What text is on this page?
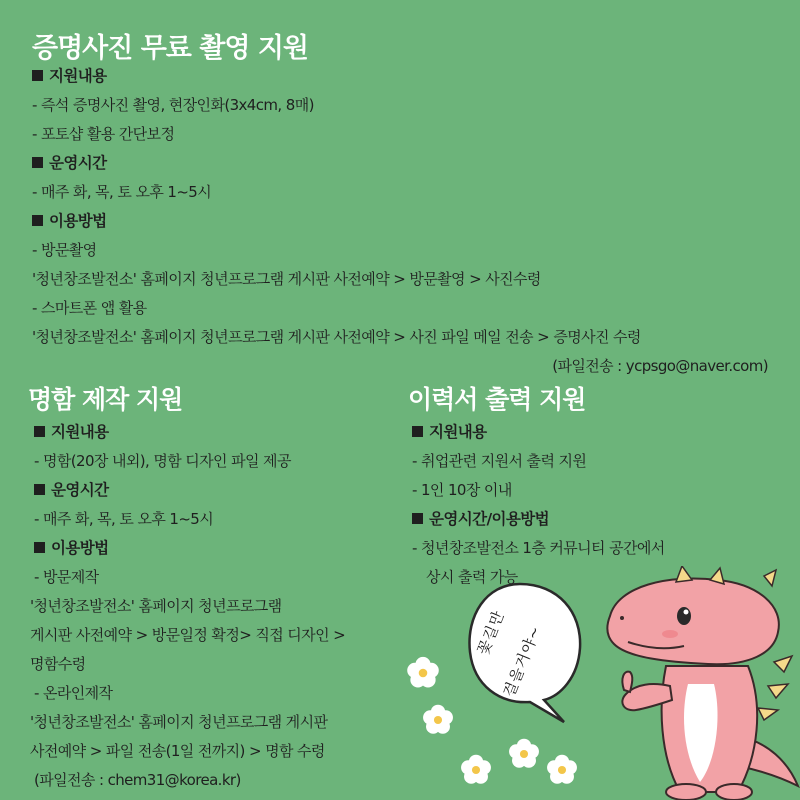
증명사진 무료 촬영 지원
지원내용
- 즉석 증명사진 촬영, 현장인화(3x4cm, 8매)
- 포토샵 활용 간단보정
운영시간
- 매주 화, 목, 토 오후 1~5시
이용방법
- 방문촬영
'청년창조발전소' 홈페이지 청년프로그램 게시판 사전예약 > 방문촬영 > 사진수령
- 스마트폰 앱 활용
'청년창조발전소' 홈페이지 청년프로그램 게시판 사전예약 > 사진 파일 메일 전송 > 증명사진 수령
(파일전송 : ycpsgo@naver.com)
명함 제작 지원
지원내용
- 명함(20장 내외), 명함 디자인 파일 제공
운영시간
- 매주 화, 목, 토 오후 1~5시
이용방법
- 방문제작
'청년창조발전소' 홈페이지 청년프로그램
게시판 사전예약 > 방문일정 확정> 직접 디자인 >
명함수령
- 온라인제작
'청년창조발전소' 홈페이지 청년프로그램 게시판
사전예약 > 파일 전송(1일 전까지) > 명함 수령
(파일전송 : chem31@korea.kr)
이력서 출력 지원
지원내용
- 취업관련 지원서 출력 지원
- 1인 10장 이내
운영시간/이용방법
- 청년창조발전소 1층 커뮤니티 공간에서
상시 출력 가능
꽃길만
걸을거야~
